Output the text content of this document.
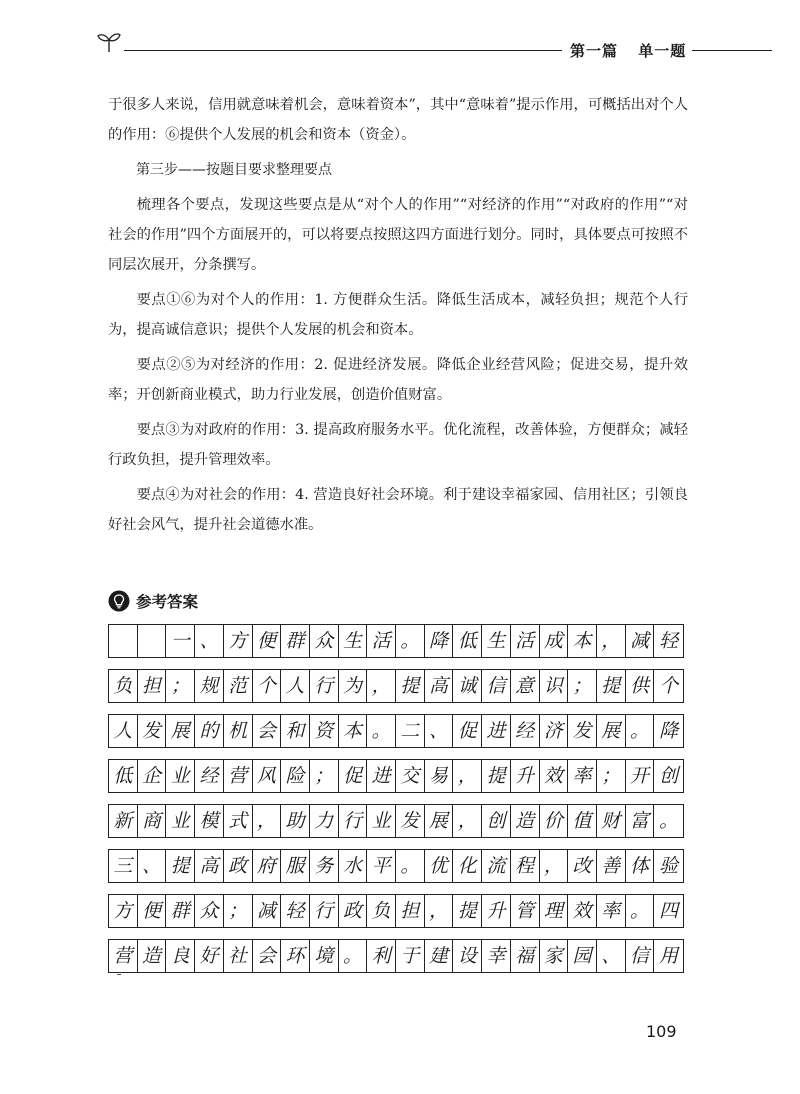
第一篇 单一题

于很多人来说，信用就意味着机会，意味着资本”，其中“意味着”提示作用，可概括出对个人的作用：⑥提供个人发展的机会和资本（资金）。

第三步——按题目要求整理要点

梳理各个要点，发现这些要点是从“对个人的作用”“对经济的作用”“对政府的作用”“对社会的作用”四个方面展开的，可以将要点按照这四方面进行划分。同时，具体要点可按照不同层次展开，分条撰写。

要点①⑥为对个人的作用：1. 方便群众生活。降低生活成本，减轻负担；规范个人行为，提高诚信意识；提供个人发展的机会和资本。

要点②⑤为对经济的作用：2. 促进经济发展。降低企业经营风险；促进交易，提升效率；开创新商业模式，助力行业发展，创造价值财富。

要点③为对政府的作用：3. 提高政府服务水平。优化流程，改善体验，方便群众；减轻行政负担，提升管理效率。

要点④为对社会的作用：4. 营造良好社会环境。利于建设幸福家园、信用社区；引领良好社会风气，提升社会道德水准。

参考答案
一 、 方 便 群 众 生 活 。 降 低 生 活 成 本 ， 减 轻
负 担 ； 规 范 个 人 行 为 ， 提 高 诚 信 意 识 ； 提 供 个
人 发 展 的 机 会 和 资 本 。 二 、 促 进 经 济 发 展 。 降
低 企 业 经 营 风 险 ； 促 进 交 易 ， 提 升 效 率 ； 开 创
新 商 业 模 式 ， 助 力 行 业 发 展 ， 创 造 价 值 财 富 。
三 、 提 高 政 府 服 务 水 平 。 优 化 流 程 ， 改 善 体 验
方 便 群 众 ； 减 轻 行 政 负 担 ， 提 升 管 理 效 率 。 四
营 造 良 好 社 会 环 境 。 利 于 建 设 幸 福 家 园 、 信 用
109
